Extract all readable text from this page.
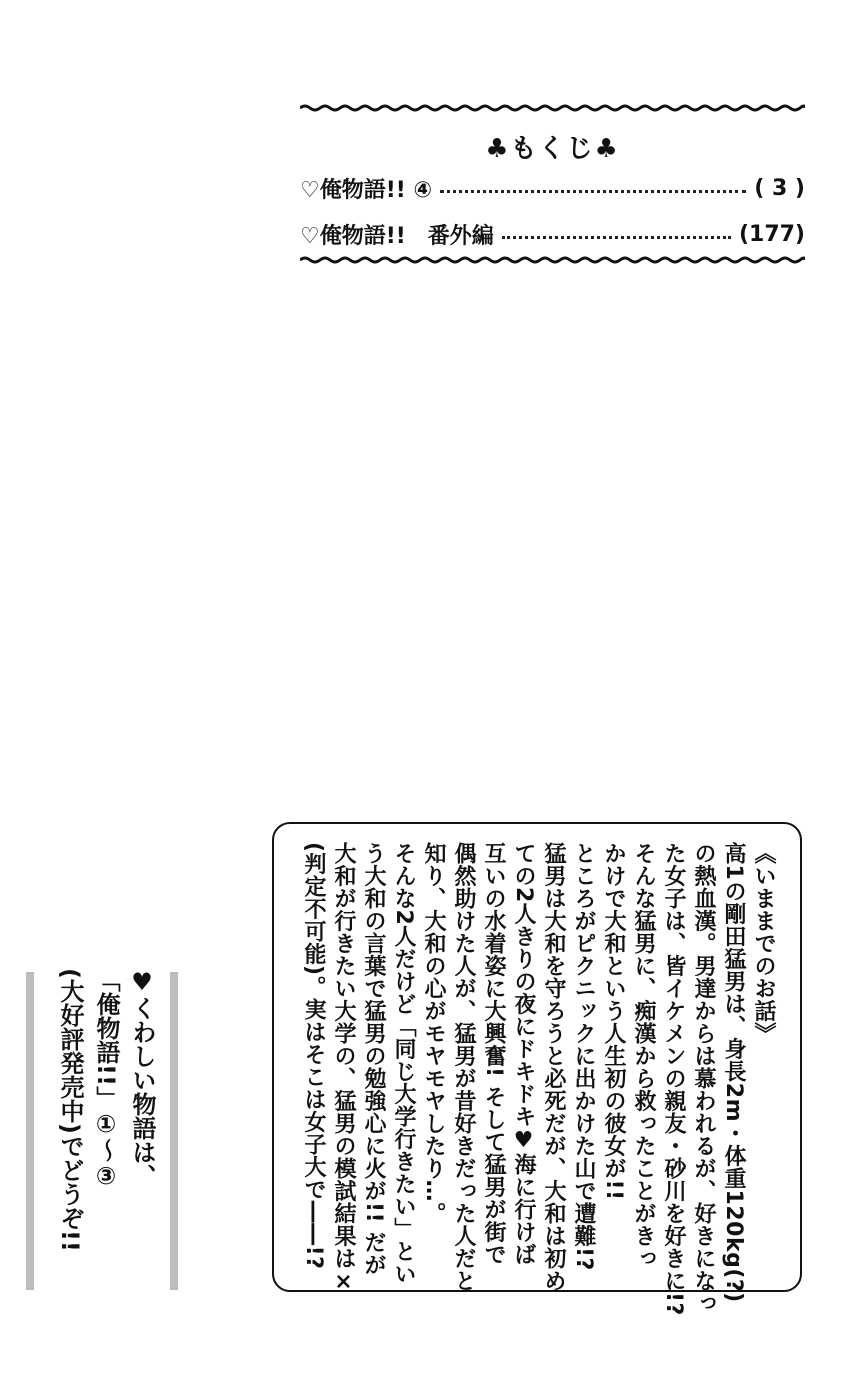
♣もくじ♣
♡俺物語!! ④	( 3 )
♡俺物語!!　番外編	(177)

《いままでのお話》

高1の剛田猛男は、身長2m・体重120kg(?)

の熱血漢。男達からは慕われるが、好きになっ

た女子は、皆イケメンの親友・砂川を好きに!?

そんな猛男に、痴漢から救ったことがきっ

かけで大和という人生初の彼女が!!

ところがピクニックに出かけた山で遭難!?

猛男は大和を守ろうと必死だが、大和は初め

ての2人きりの夜にドキドキ♥海に行けば

互いの水着姿に大興奮! そして猛男が街で

偶然助けた人が、猛男が昔好きだった人だと

知り、大和の心がモヤモヤしたり…。

そんな2人だけど「同じ大学行きたい」とい

う大和の言葉で猛男の勉強心に火が!! だが

大和が行きたい大学の、猛男の模試結果は×

(判定不可能)。実はそこは女子大で――!?

♥くわしい物語は、

「俺物語!!」①〜③

(大好評発売中)でどうぞ!!
